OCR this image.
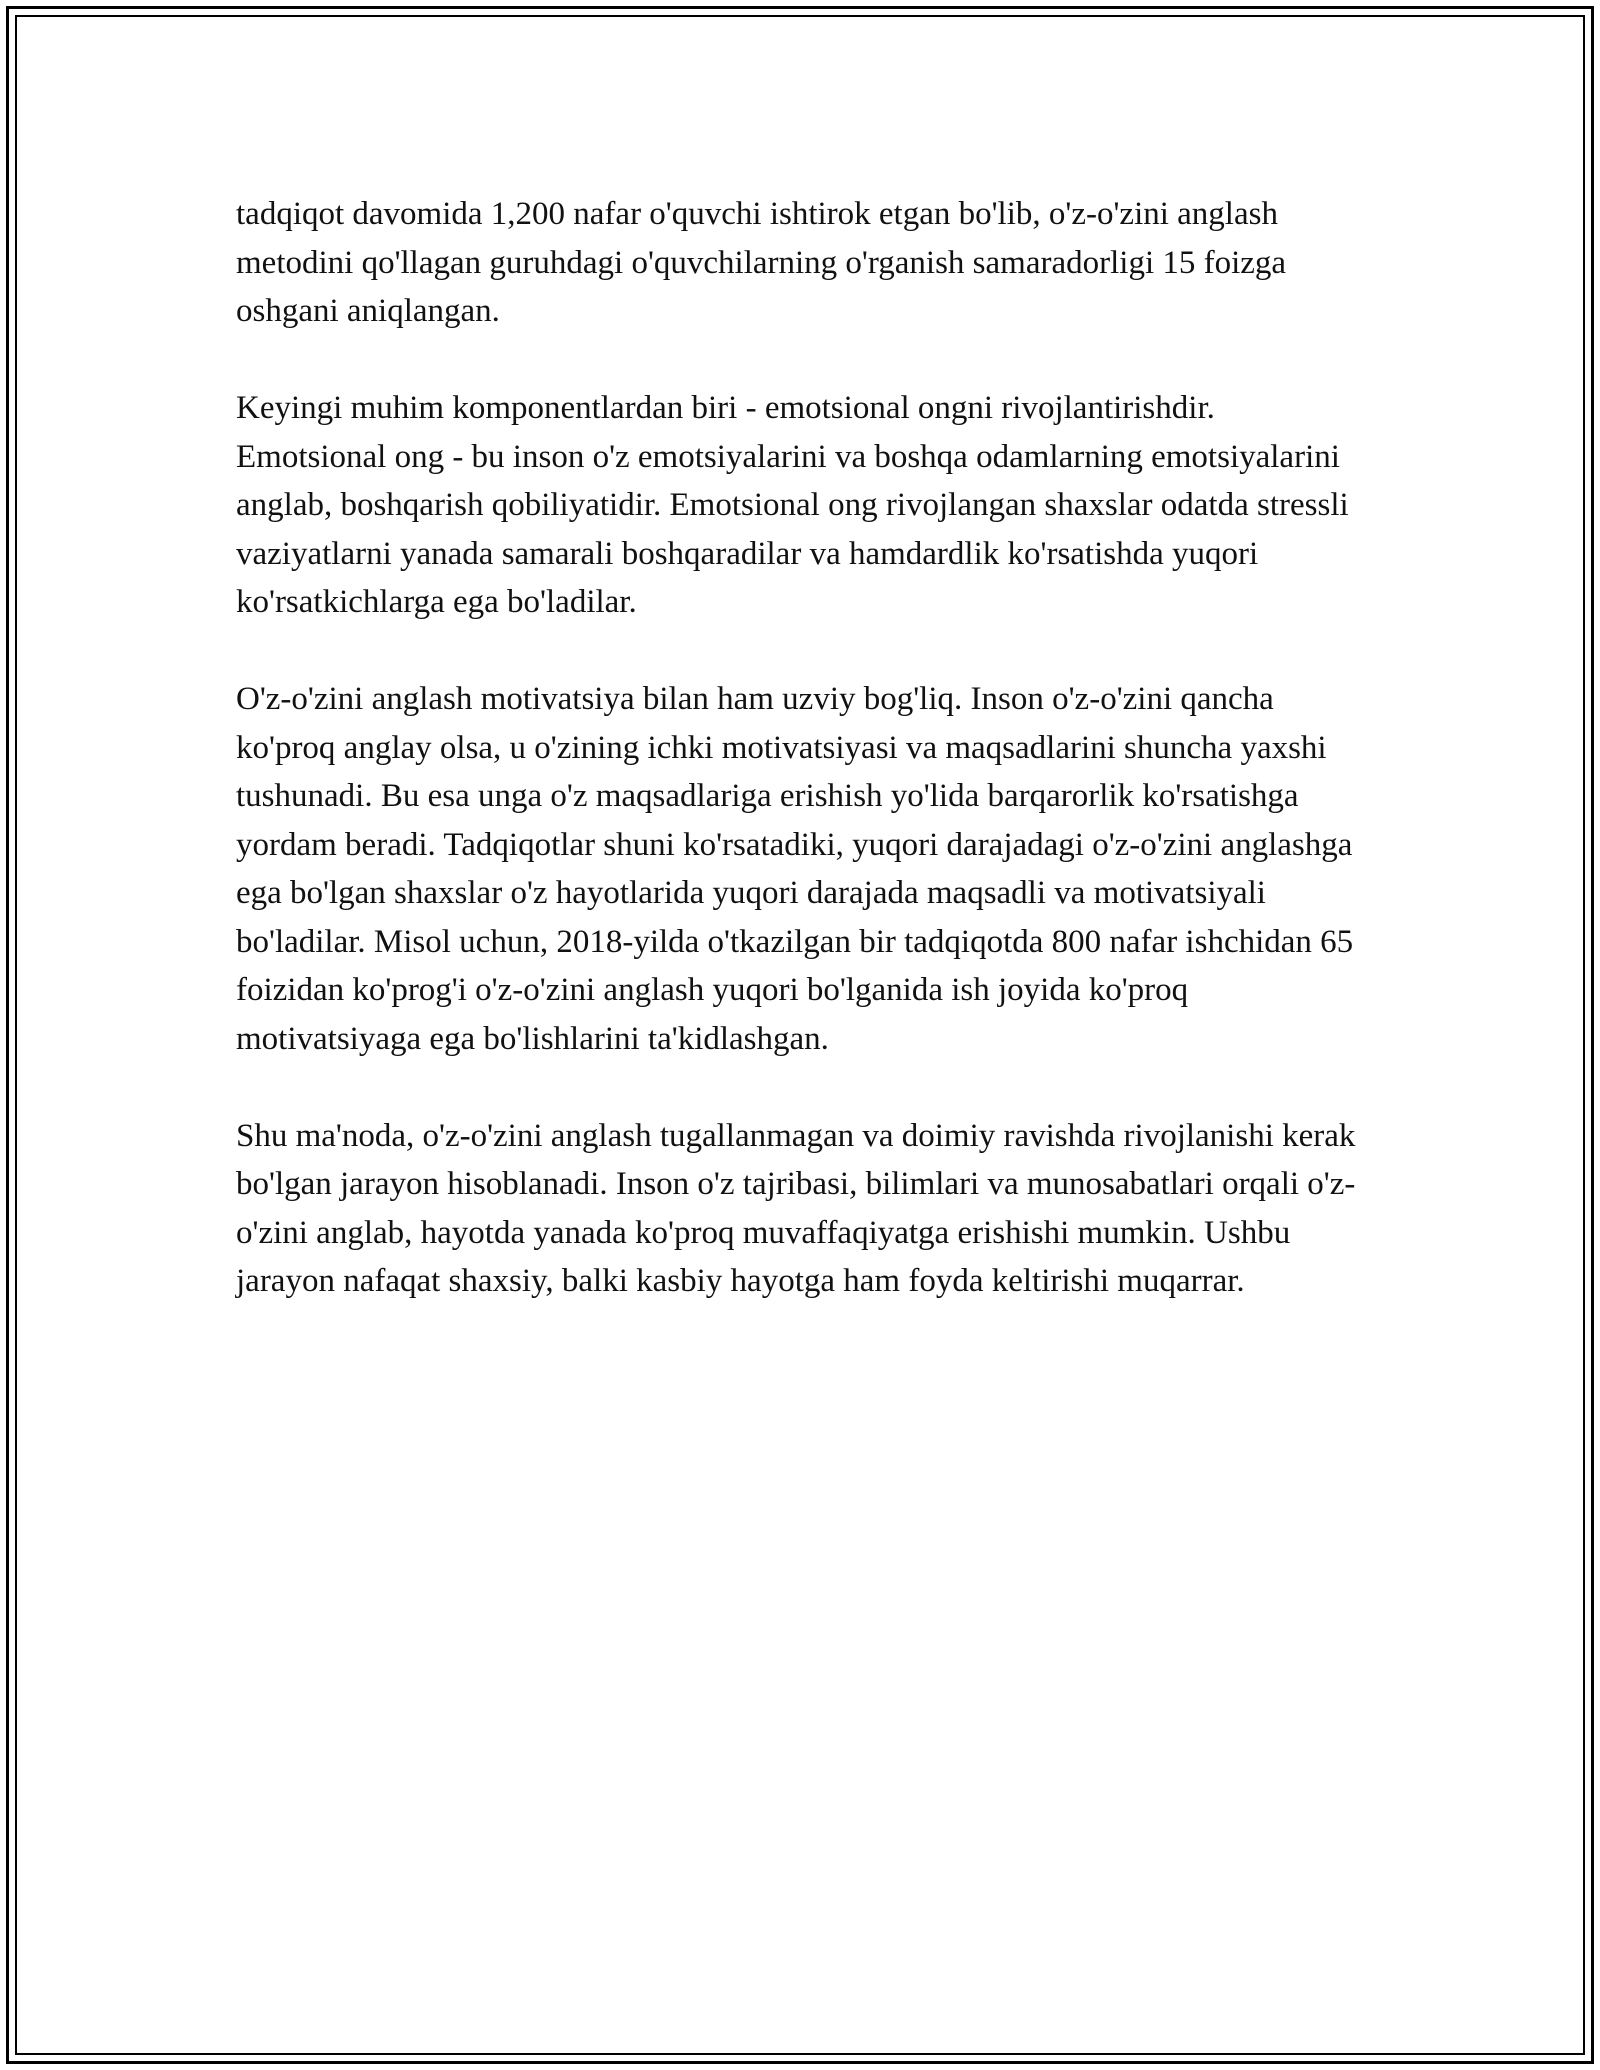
tadqiqot davomida 1,200 nafar o'quvchi ishtirok etgan bo'lib, o'z-o'zini anglash metodini qo'llagan guruhdagi o'quvchilarning o'rganish samaradorligi 15 foizga oshgani aniqlangan.

Keyingi muhim komponentlardan biri - emotsional ongni rivojlantirishdir. Emotsional ong - bu inson o'z emotsiyalarini va boshqa odamlarning emotsiyalarini anglab, boshqarish qobiliyatidir. Emotsional ong rivojlangan shaxslar odatda stressli vaziyatlarni yanada samarali boshqaradilar va hamdardlik ko'rsatishda yuqori ko'rsatkichlarga ega bo'ladilar.

O'z-o'zini anglash motivatsiya bilan ham uzviy bog'liq. Inson o'z-o'zini qancha ko'proq anglay olsa, u o'zining ichki motivatsiyasi va maqsadlarini shuncha yaxshi tushunadi. Bu esa unga o'z maqsadlariga erishish yo'lida barqarorlik ko'rsatishga yordam beradi. Tadqiqotlar shuni ko'rsatadiki, yuqori darajadagi o'z-o'zini anglashga ega bo'lgan shaxslar o'z hayotlarida yuqori darajada maqsadli va motivatsiyali bo'ladilar. Misol uchun, 2018-yilda o'tkazilgan bir tadqiqotda 800 nafar ishchidan 65 foizidan ko'prog'i o'z-o'zini anglash yuqori bo'lganida ish joyida ko'proq motivatsiyaga ega bo'lishlarini ta'kidlashgan.

Shu ma'noda, o'z-o'zini anglash tugallanmagan va doimiy ravishda rivojlanishi kerak bo'lgan jarayon hisoblanadi. Inson o'z tajribasi, bilimlari va munosabatlari orqali o'z-o'zini anglab, hayotda yanada ko'proq muvaffaqiyatga erishishi mumkin. Ushbu jarayon nafaqat shaxsiy, balki kasbiy hayotga ham foyda keltirishi muqarrar.
